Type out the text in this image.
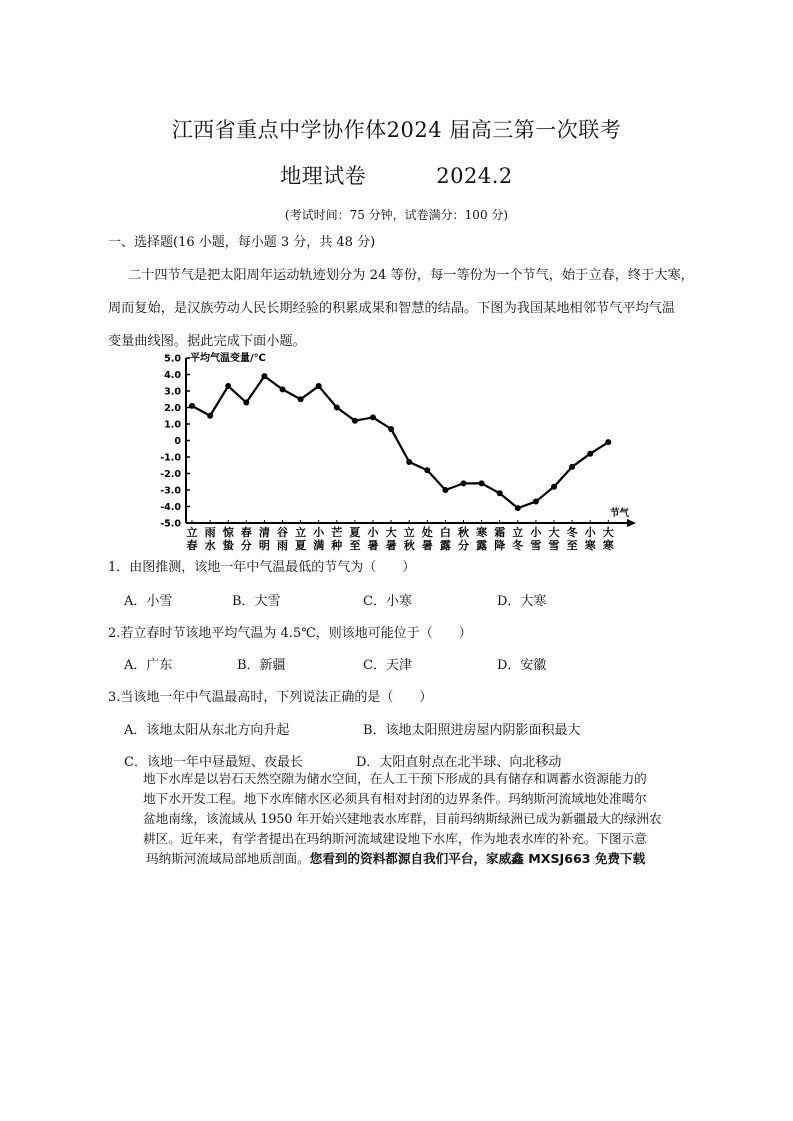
江西省重点中学协作体2024 届高三第一次联考
地理试卷	2024.2
(考试时间：75 分钟，试卷满分：100 分)
一、选择题(16 小题，每小题 3 分，共 48 分)
二十四节气是把太阳周年运动轨迹划分为 24 等份，每一等份为一个节气，始于立春，终于大寒，
周而复始，是汉族劳动人民长期经验的积累成果和智慧的结晶。下图为我国某地相邻节气平均气温
变量曲线图。据此完成下面小题。
5.0
4.0
3.0
2.0
1.0
0
-1.0
-2.0
-3.0
-4.0
-5.0
平均气温变量/℃
节气
立春
雨水
惊蛰
春分
清明
谷雨
立夏
小满
芒种
夏至
小暑
大暑
立秋
处暑
白露
秋分
寒露
霜降
立冬
小雪
大雪
冬至
小寒
大寒
1．由图推测，该地一年中气温最低的节气为（　　）
A．小雪	B．大雪	C．小寒	D．大寒
2.若立春时节该地平均气温为 4.5℃，则该地可能位于（　　）
A．广东	B．新疆	C．天津	D．安徽
3.当该地一年中气温最高时，下列说法正确的是（　　）
A．该地太阳从东北方向升起	B．该地太阳照进房屋内阴影面积最大
C．该地一年中昼最短、夜最长	D．太阳直射点在北半球、向北移动
地下水库是以岩石天然空隙为储水空间，在人工干预下形成的具有储存和调蓄水资源能力的
地下水开发工程。地下水库储水区必须具有相对封闭的边界条件。玛纳斯河流域地处准噶尔
盆地南缘，该流域从 1950 年开始兴建地表水库群，目前玛纳斯绿洲已成为新疆最大的绿洲农
耕区。近年来，有学者提出在玛纳斯河流域建设地下水库，作为地表水库的补充。下图示意
玛纳斯河流域局部地质剖面。您看到的资料都源自我们平台，家威鑫 MXSJ663 免费下载
